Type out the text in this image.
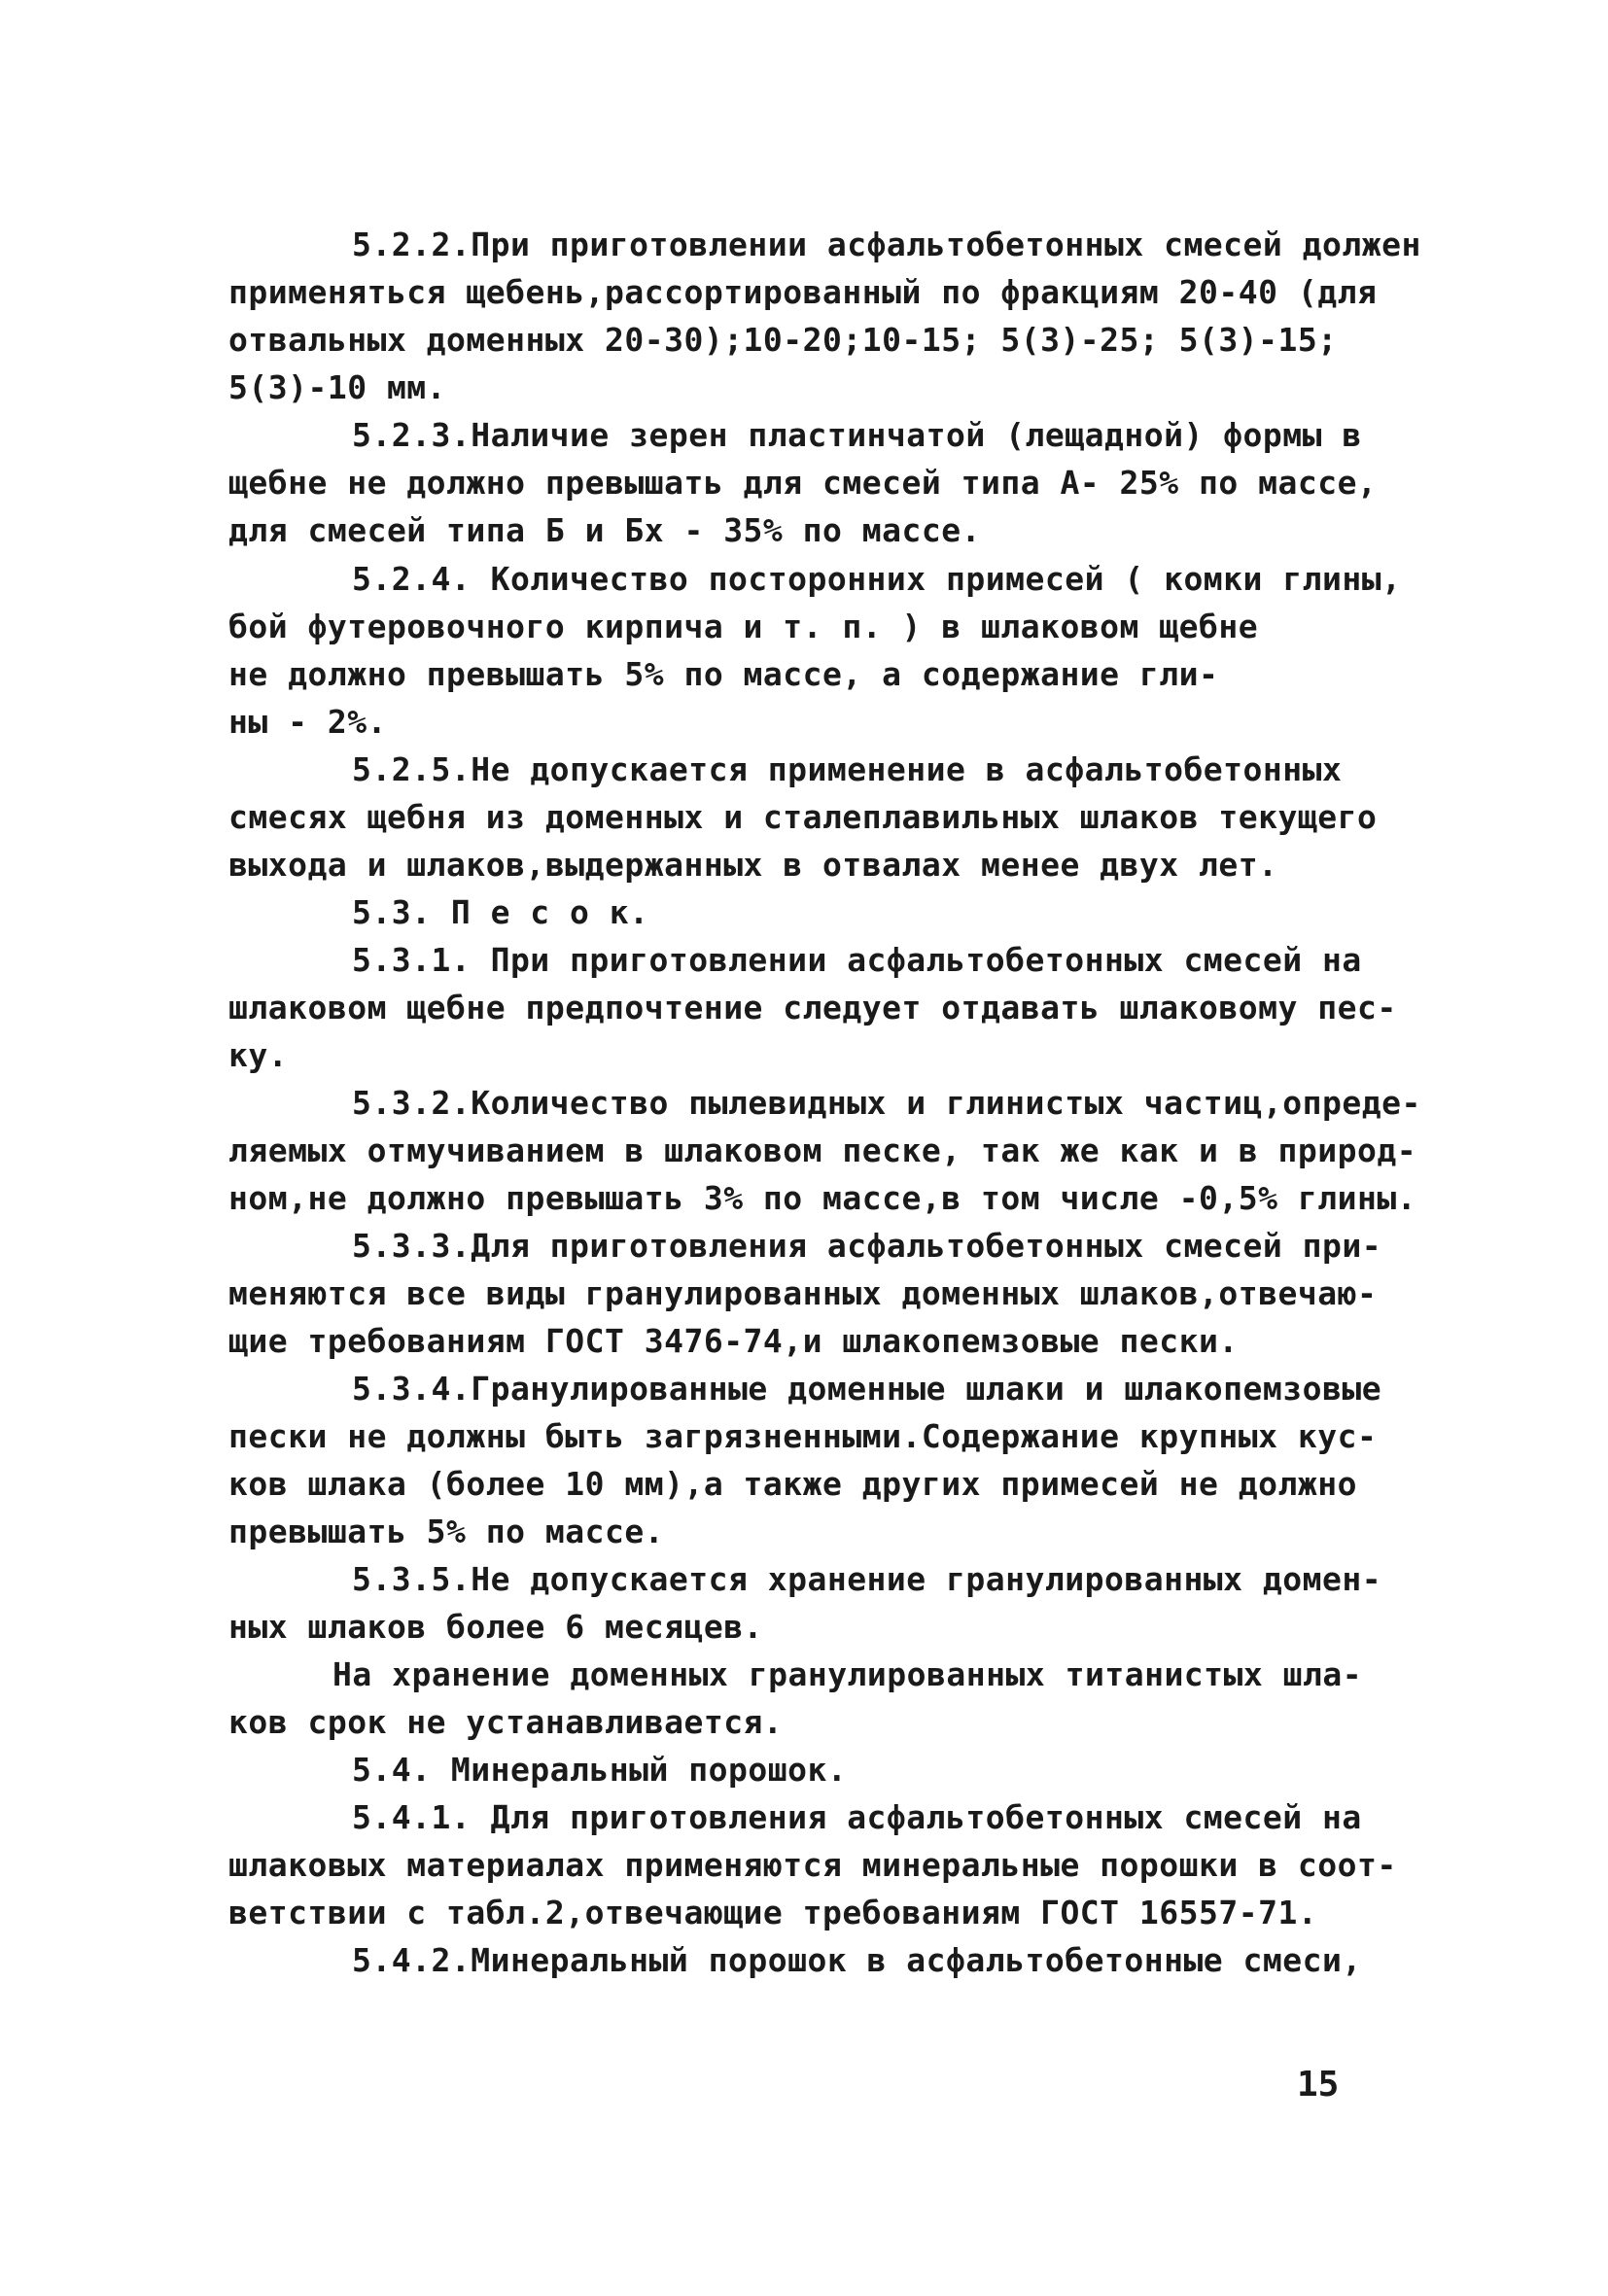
5.2.2.При приготовлении асфальтобетонных смесей должен
применяться щебень,рассортированный по фракциям 20-40 (для
отвальных доменных 20-30);10-20;10-15; 5(3)-25; 5(3)-15;
5(3)-10 мм.
5.2.3.Наличие зерен пластинчатой (лещадной) формы в
щебне не должно превышать для смесей типа А- 25% по массе,
для смесей типа Б и Бх - 35% по массе.
5.2.4. Количество посторонних примесей ( комки глины,
бой футеровочного кирпича и т. п. ) в шлаковом щебне
не должно превышать 5% по массе, а содержание гли-
ны - 2%.
5.2.5.Не допускается применение в асфальтобетонных
смесях щебня из доменных и сталеплавильных шлаков текущего
выхода и шлаков,выдержанных в отвалах менее двух лет.
5.3. П е с о к.
5.3.1. При приготовлении асфальтобетонных смесей на
шлаковом щебне предпочтение следует отдавать шлаковому пес-
ку.
5.3.2.Количество пылевидных и глинистых частиц,опреде-
ляемых отмучиванием в шлаковом песке, так же как и в природ-
ном,не должно превышать 3% по массе,в том числе -0,5% глины.
5.3.3.Для приготовления асфальтобетонных смесей при-
меняются все виды гранулированных доменных шлаков,отвечаю-
щие требованиям ГОСТ 3476-74,и шлакопемзовые пески.
5.3.4.Гранулированные доменные шлаки и шлакопемзовые
пески не должны быть загрязненными.Содержание крупных кус-
ков шлака (более 10 мм),а также других примесей не должно
превышать 5% по массе.
5.3.5.Не допускается хранение гранулированных домен-
ных шлаков более 6 месяцев.
На хранение доменных гранулированных титанистых шла-
ков срок не устанавливается.
5.4. Минеральный порошок.
5.4.1. Для приготовления асфальтобетонных смесей на
шлаковых материалах применяются минеральные порошки в соот-
ветствии с табл.2,отвечающие требованиям ГОСТ 16557-71.
5.4.2.Минеральный порошок в асфальтобетонные смеси,
15
